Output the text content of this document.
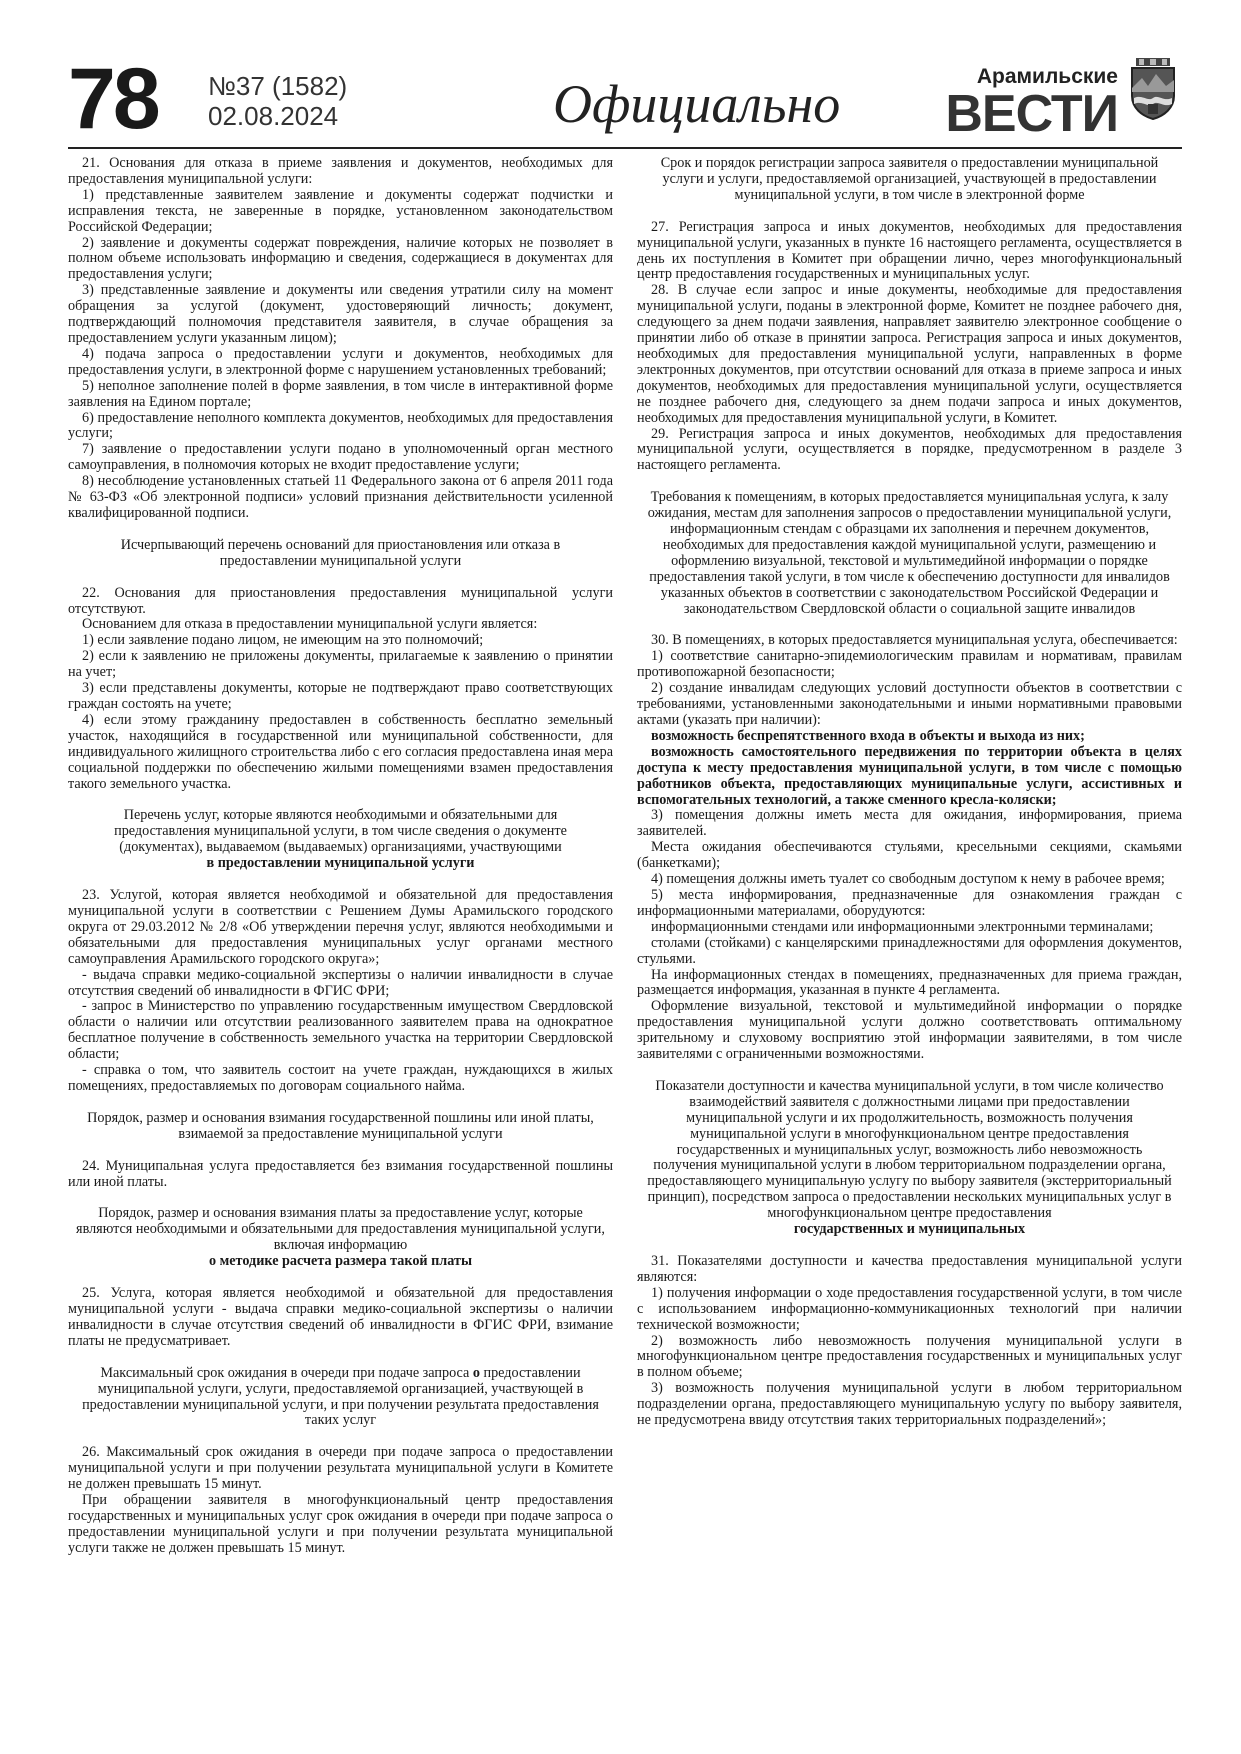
78 №37 (1582)
02.08.2024	Официально	Арамильские
ВЕСТИ
21. Основания для отказа в приеме заявления и документов, необходимых для предоставления муниципальной услуги:
1) представленные заявителем заявление и документы содержат подчистки и исправления текста, не заверенные в порядке, установленном законодательством Российской Федерации;
2) заявление и документы содержат повреждения, наличие которых не позволяет в полном объеме использовать информацию и сведения, содержащиеся в документах для предоставления услуги;
3) представленные заявление и документы или сведения утратили силу на момент обращения за услугой (документ, удостоверяющий личность; документ, подтверждающий полномочия представителя заявителя, в случае обращения за предоставлением услуги указанным лицом);
4) подача запроса о предоставлении услуги и документов, необходимых для предоставления услуги, в электронной форме с нарушением установленных требований;
5) неполное заполнение полей в форме заявления, в том числе в интерактивной форме заявления на Едином портале;
6) предоставление неполного комплекта документов, необходимых для предоставления услуги;
7) заявление о предоставлении услуги подано в уполномоченный орган местного самоуправления, в полномочия которых не входит предоставление услуги;
8) несоблюдение установленных статьей 11 Федерального закона от 6 апреля 2011 года № 63-ФЗ «Об электронной подписи» условий признания действительности усиленной квалифицированной подписи.
Исчерпывающий перечень оснований для приостановления или отказа в предоставлении муниципальной услуги
22. Основания для приостановления предоставления муниципальной услуги отсутствуют.
Основанием для отказа в предоставлении муниципальной услуги является:
1) если заявление подано лицом, не имеющим на это полномочий;
2) если к заявлению не приложены документы, прилагаемые к заявлению о принятии на учет;
3) если представлены документы, которые не подтверждают право соответствующих граждан состоять на учете;
4) если этому гражданину предоставлен в собственность бесплатно земельный участок, находящийся в государственной или муниципальной собственности, для индивидуального жилищного строительства либо с его согласия предоставлена иная мера социальной поддержки по обеспечению жилыми помещениями взамен предоставления такого земельного участка.
Перечень услуг, которые являются необходимыми и обязательными для предоставления муниципальной услуги, в том числе сведения о документе (документах), выдаваемом (выдаваемых) организациями, участвующими
в предоставлении муниципальной услуги
23. Услугой, которая является необходимой и обязательной для предоставления муниципальной услуги в соответствии с Решением Думы Арамильского городского округа от 29.03.2012 № 2/8 «Об утверждении перечня услуг, являются необходимыми и обязательными для предоставления муниципальных услуг органами местного самоуправления Арамильского городского округа»;
- выдача справки медико-социальной экспертизы о наличии инвалидности в случае отсутствия сведений об инвалидности в ФГИС ФРИ;
- запрос в Министерство по управлению государственным имуществом Свердловской области о наличии или отсутствии реализованного заявителем права на однократное бесплатное получение в собственность земельного участка на территории Свердловской области;
- справка о том, что заявитель состоит на учете граждан, нуждающихся в жилых помещениях, предоставляемых по договорам социального найма.
Порядок, размер и основания взимания государственной пошлины или иной платы, взимаемой за предоставление муниципальной услуги
24. Муниципальная услуга предоставляется без взимания государственной пошлины или иной платы.
Порядок, размер и основания взимания платы за предоставление услуг, которые являются необходимыми и обязательными для предоставления муниципальной услуги, включая информацию
о методике расчета размера такой платы
25. Услуга, которая является необходимой и обязательной для предоставления муниципальной услуги - выдача справки медико-социальной экспертизы о наличии инвалидности в случае отсутствия сведений об инвалидности в ФГИС ФРИ, взимание платы не предусматривает.
Максимальный срок ожидания в очереди при подаче запроса о предоставлении муниципальной услуги, услуги, предоставляемой организацией, участвующей в предоставлении муниципальной услуги, и при получении результата предоставления таких услуг
26. Максимальный срок ожидания в очереди при подаче запроса о предоставлении муниципальной услуги и при получении результата муниципальной услуги в Комитете не должен превышать 15 минут.
При обращении заявителя в многофункциональный центр предоставления государственных и муниципальных услуг срок ожидания в очереди при подаче запроса о предоставлении муниципальной услуги и при получении результата муниципальной услуги также не должен превышать 15 минут.
Срок и порядок регистрации запроса заявителя о предоставлении муниципальной услуги и услуги, предоставляемой организацией, участвующей в предоставлении муниципальной услуги, в том числе в электронной форме
27. Регистрация запроса и иных документов, необходимых для предоставления муниципальной услуги, указанных в пункте 16 настоящего регламента, осуществляется в день их поступления в Комитет при обращении лично, через многофункциональный центр предоставления государственных и муниципальных услуг.
28. В случае если запрос и иные документы, необходимые для предоставления муниципальной услуги, поданы в электронной форме, Комитет не позднее рабочего дня, следующего за днем подачи заявления, направляет заявителю электронное сообщение о принятии либо об отказе в принятии запроса. Регистрация запроса и иных документов, необходимых для предоставления муниципальной услуги, направленных в форме электронных документов, при отсутствии оснований для отказа в приеме запроса и иных документов, необходимых для предоставления муниципальной услуги, осуществляется не позднее рабочего дня, следующего за днем подачи запроса и иных документов, необходимых для предоставления муниципальной услуги, в Комитет.
29. Регистрация запроса и иных документов, необходимых для предоставления муниципальной услуги, осуществляется в порядке, предусмотренном в разделе 3 настоящего регламента.
Требования к помещениям, в которых предоставляется муниципальная услуга, к залу ожидания, местам для заполнения запросов о предоставлении муниципальной услуги, информационным стендам с образцами их заполнения и перечнем документов, необходимых для предоставления каждой муниципальной услуги, размещению и оформлению визуальной, текстовой и мультимедийной информации о порядке предоставления такой услуги, в том числе к обеспечению доступности для инвалидов указанных объектов в соответствии с законодательством Российской Федерации и законодательством Свердловской области о социальной защите инвалидов
30. В помещениях, в которых предоставляется муниципальная услуга, обеспечивается:
1) соответствие санитарно-эпидемиологическим правилам и нормативам, правилам противопожарной безопасности;
2) создание инвалидам следующих условий доступности объектов в соответствии с требованиями, установленными законодательными и иными нормативными правовыми актами (указать при наличии):
возможность беспрепятственного входа в объекты и выхода из них;
возможность самостоятельного передвижения по территории объекта в целях доступа к месту предоставления муниципальной услуги, в том числе с помощью работников объекта, предоставляющих муниципальные услуги, ассистивных и вспомогательных технологий, а также сменного кресла-коляски;
3) помещения должны иметь места для ожидания, информирования, приема заявителей.
Места ожидания обеспечиваются стульями, кресельными секциями, скамьями (банкетками);
4) помещения должны иметь туалет со свободным доступом к нему в рабочее время;
5) места информирования, предназначенные для ознакомления граждан с информационными материалами, оборудуются:
информационными стендами или информационными электронными терминалами;
столами (стойками) с канцелярскими принадлежностями для оформления документов, стульями.
На информационных стендах в помещениях, предназначенных для приема граждан, размещается информация, указанная в пункте 4 регламента.
Оформление визуальной, текстовой и мультимедийной информации о порядке предоставления муниципальной услуги должно соответствовать оптимальному зрительному и слуховому восприятию этой информации заявителями, в том числе заявителями с ограниченными возможностями.
Показатели доступности и качества муниципальной услуги, в том числе количество взаимодействий заявителя с должностными лицами при предоставлении муниципальной услуги и их продолжительность, возможность получения муниципальной услуги в многофункциональном центре предоставления государственных и муниципальных услуг, возможность либо невозможность получения муниципальной услуги в любом территориальном подразделении органа, предоставляющего муниципальную услугу по выбору заявителя (экстерриториальный принцип), посредством запроса о предоставлении нескольких муниципальных услуг в многофункциональном центре предоставления
государственных и муниципальных
31. Показателями доступности и качества предоставления муниципальной услуги являются:
1) получения информации о ходе предоставления государственной услуги, в том числе с использованием информационно-коммуникационных технологий при наличии технической возможности;
2) возможность либо невозможность получения муниципальной услуги в многофункциональном центре предоставления государственных и муниципальных услуг в полном объеме;
3) возможность получения муниципальной услуги в любом территориальном подразделении органа, предоставляющего муниципальную услугу по выбору заявителя, не предусмотрена ввиду отсутствия таких территориальных подразделений»;
